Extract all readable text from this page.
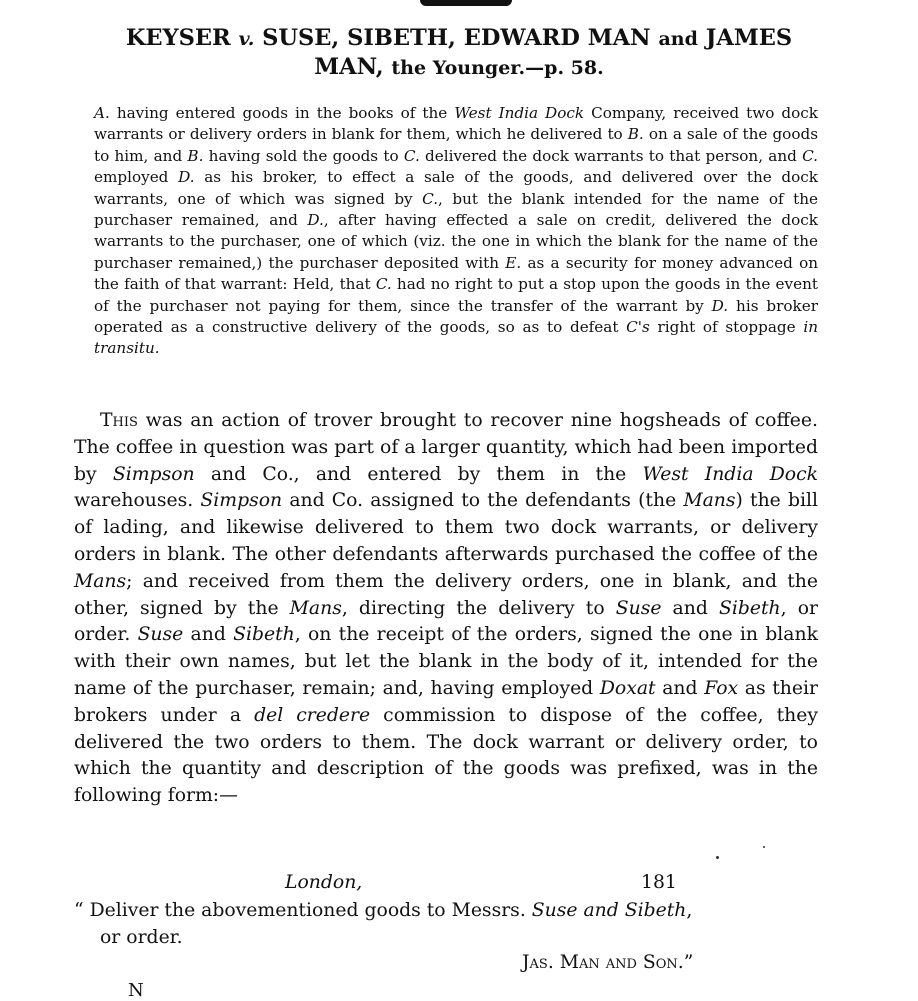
KEYSER v. SUSE, SIBETH, EDWARD MAN and JAMES
MAN, the Younger.—p. 58.

A. having entered goods in the books of the West India Dock Company, received two dock warrants or delivery orders in blank for them, which he delivered to B. on a sale of the goods to him, and B. having sold the goods to C. delivered the dock warrants to that person, and C. employed D. as his broker, to effect a sale of the goods, and delivered over the dock warrants, one of which was signed by C., but the blank intended for the name of the purchaser remained, and D., after having effected a sale on credit, delivered the dock warrants to the purchaser, one of which (viz. the one in which the blank for the name of the purchaser remained,) the purchaser deposited with E. as a security for money advanced on the faith of that warrant: Held, that C. had no right to put a stop upon the goods in the event of the purchaser not paying for them, since the transfer of the warrant by D. his broker operated as a constructive delivery of the goods, so as to defeat C's right of stoppage in transitu.

This was an action of trover brought to recover nine hogsheads of coffee. The coffee in question was part of a larger quantity, which had been imported by Simpson and Co., and entered by them in the West India Dock warehouses. Simpson and Co. assigned to the defendants (the Mans) the bill of lading, and likewise delivered to them two dock warrants, or delivery orders in blank. The other defendants afterwards purchased the coffee of the Mans; and received from them the delivery orders, one in blank, and the other, signed by the Mans, directing the delivery to Suse and Sibeth, or order. Suse and Sibeth, on the receipt of the orders, signed the one in blank with their own names, but let the blank in the body of it, intended for the name of the purchaser, remain; and, having employed Doxat and Fox as their brokers under a del credere commission to dispose of the coffee, they delivered the two orders to them. The dock warrant or delivery order, to which the quantity and description of the goods was prefixed, was in the following form:—

London,	181
“ Deliver the abovementioned goods to Messrs. Suse and Sibeth,
or order.
Jas. Man and Son.”
N
